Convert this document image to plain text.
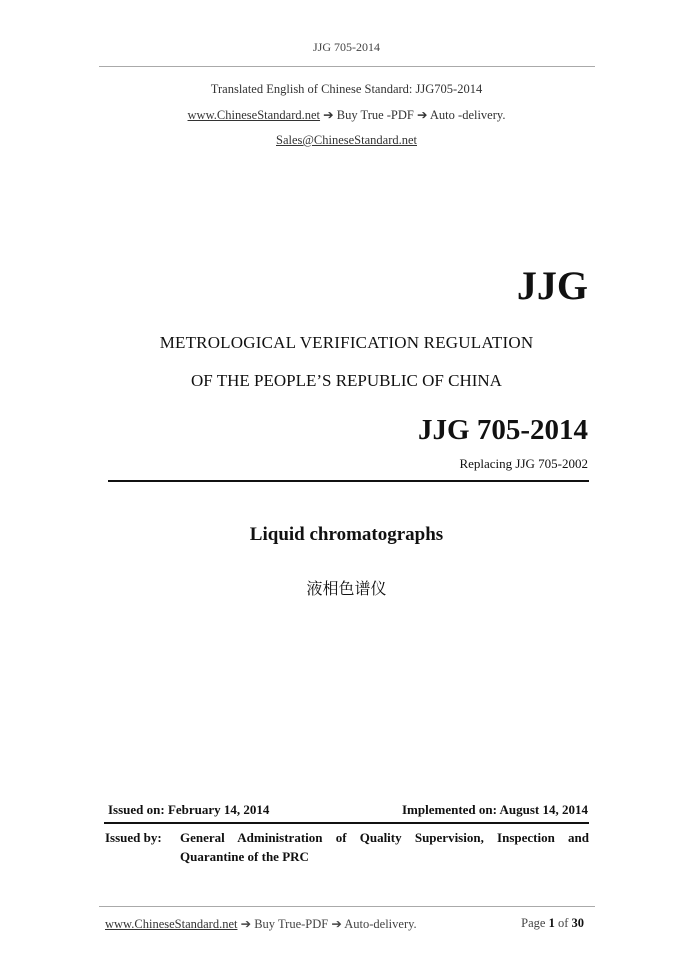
JJG 705-2014
Translated English of Chinese Standard: JJG705-2014
www.ChineseStandard.net ➔ Buy True -PDF ➔ Auto -delivery.
Sales@ChineseStandard.net
JJG
METROLOGICAL VERIFICATION REGULATION
OF THE PEOPLE’S REPUBLIC OF CHINA
JJG 705-2014
Replacing JJG 705-2002
Liquid chromatographs
液相色谱仪
Issued on: February 14, 2014	Implemented on: August 14, 2014
Issued by: General Administration of Quality Supervision, Inspection and
Quarantine of the PRC
www.ChineseStandard.net ➔ Buy True-PDF ➔ Auto-delivery.	Page 1 of 30
